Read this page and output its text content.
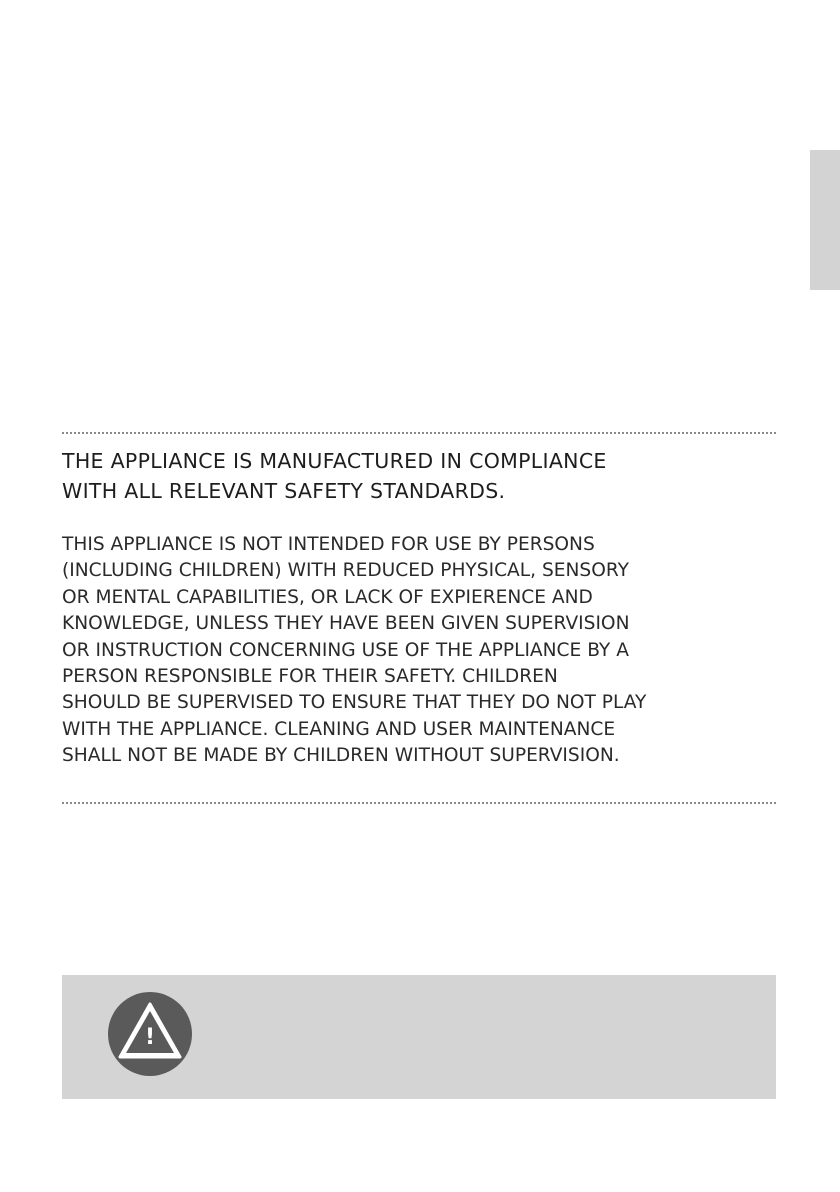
THE APPLIANCE IS MANUFACTURED IN COMPLIANCE
WITH ALL RELEVANT SAFETY STANDARDS.
THIS APPLIANCE IS NOT INTENDED FOR USE BY PERSONS
(INCLUDING CHILDREN) WITH REDUCED PHYSICAL, SENSORY
OR MENTAL CAPABILITIES, OR LACK OF EXPIERENCE AND
KNOWLEDGE, UNLESS THEY HAVE BEEN GIVEN SUPERVISION
OR INSTRUCTION CONCERNING USE OF THE APPLIANCE BY A
PERSON RESPONSIBLE FOR THEIR SAFETY. CHILDREN
SHOULD BE SUPERVISED TO ENSURE THAT THEY DO NOT PLAY
WITH THE APPLIANCE. CLEANING AND USER MAINTENANCE
SHALL NOT BE MADE BY CHILDREN WITHOUT SUPERVISION.
!
